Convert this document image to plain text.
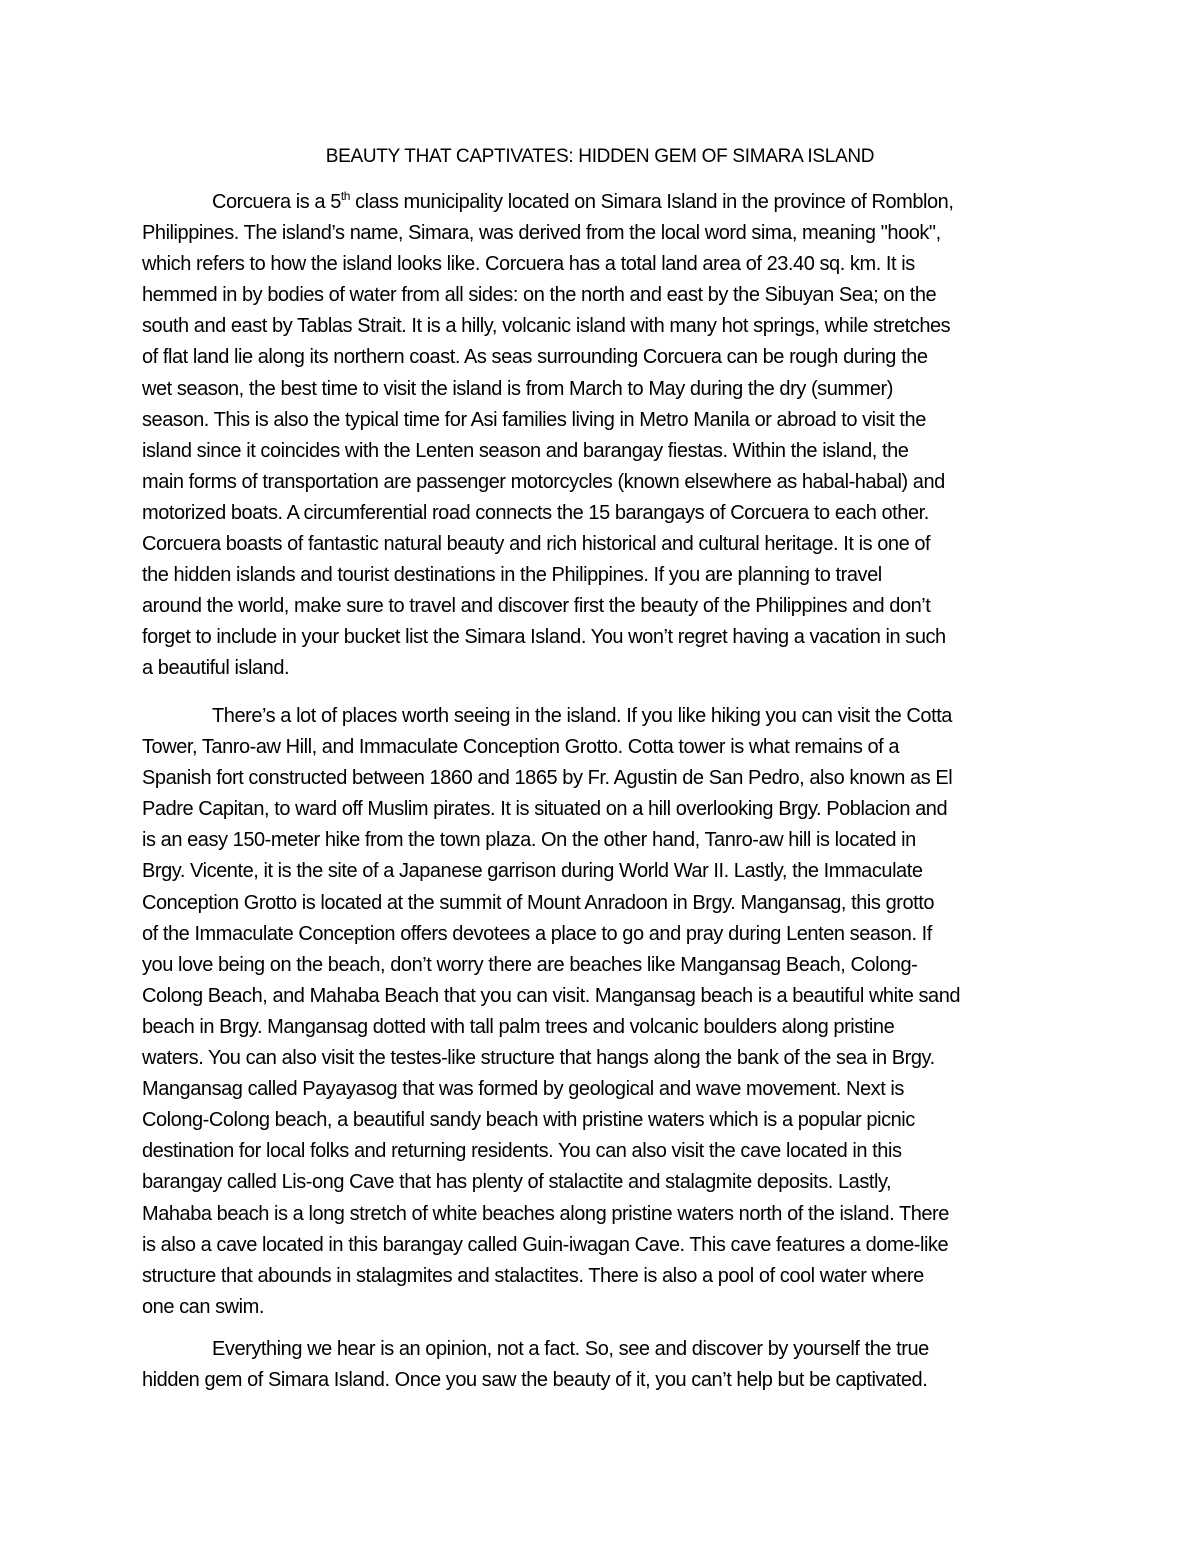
BEAUTY THAT CAPTIVATES: HIDDEN GEM OF SIMARA ISLAND

Corcuera is a 5th class municipality located on Simara Island in the province of Romblon,
Philippines. The island’s name, Simara, was derived from the local word sima, meaning "hook",
which refers to how the island looks like. Corcuera has a total land area of 23.40 sq. km. It is
hemmed in by bodies of water from all sides: on the north and east by the Sibuyan Sea; on the
south and east by Tablas Strait. It is a hilly, volcanic island with many hot springs, while stretches
of flat land lie along its northern coast. As seas surrounding Corcuera can be rough during the
wet season, the best time to visit the island is from March to May during the dry (summer)
season. This is also the typical time for Asi families living in Metro Manila or abroad to visit the
island since it coincides with the Lenten season and barangay fiestas. Within the island, the
main forms of transportation are passenger motorcycles (known elsewhere as habal-habal) and
motorized boats. A circumferential road connects the 15 barangays of Corcuera to each other.
Corcuera boasts of fantastic natural beauty and rich historical and cultural heritage. It is one of
the hidden islands and tourist destinations in the Philippines. If you are planning to travel
around the world, make sure to travel and discover first the beauty of the Philippines and don’t
forget to include in your bucket list the Simara Island. You won’t regret having a vacation in such
a beautiful island.

There’s a lot of places worth seeing in the island. If you like hiking you can visit the Cotta
Tower, Tanro-aw Hill, and Immaculate Conception Grotto. Cotta tower is what remains of a
Spanish fort constructed between 1860 and 1865 by Fr. Agustin de San Pedro, also known as El
Padre Capitan, to ward off Muslim pirates. It is situated on a hill overlooking Brgy. Poblacion and
is an easy 150-meter hike from the town plaza. On the other hand, Tanro-aw hill is located in
Brgy. Vicente, it is the site of a Japanese garrison during World War II. Lastly, the Immaculate
Conception Grotto is located at the summit of Mount Anradoon in Brgy. Mangansag, this grotto
of the Immaculate Conception offers devotees a place to go and pray during Lenten season. If
you love being on the beach, don’t worry there are beaches like Mangansag Beach, Colong-
Colong Beach, and Mahaba Beach that you can visit. Mangansag beach is a beautiful white sand
beach in Brgy. Mangansag dotted with tall palm trees and volcanic boulders along pristine
waters. You can also visit the testes-like structure that hangs along the bank of the sea in Brgy.
Mangansag called Payayasog that was formed by geological and wave movement. Next is
Colong-Colong beach, a beautiful sandy beach with pristine waters which is a popular picnic
destination for local folks and returning residents. You can also visit the cave located in this
barangay called Lis-ong Cave that has plenty of stalactite and stalagmite deposits. Lastly,
Mahaba beach is a long stretch of white beaches along pristine waters north of the island. There
is also a cave located in this barangay called Guin-iwagan Cave. This cave features a dome-like
structure that abounds in stalagmites and stalactites. There is also a pool of cool water where
one can swim.

Everything we hear is an opinion, not a fact. So, see and discover by yourself the true
hidden gem of Simara Island. Once you saw the beauty of it, you can’t help but be captivated.
